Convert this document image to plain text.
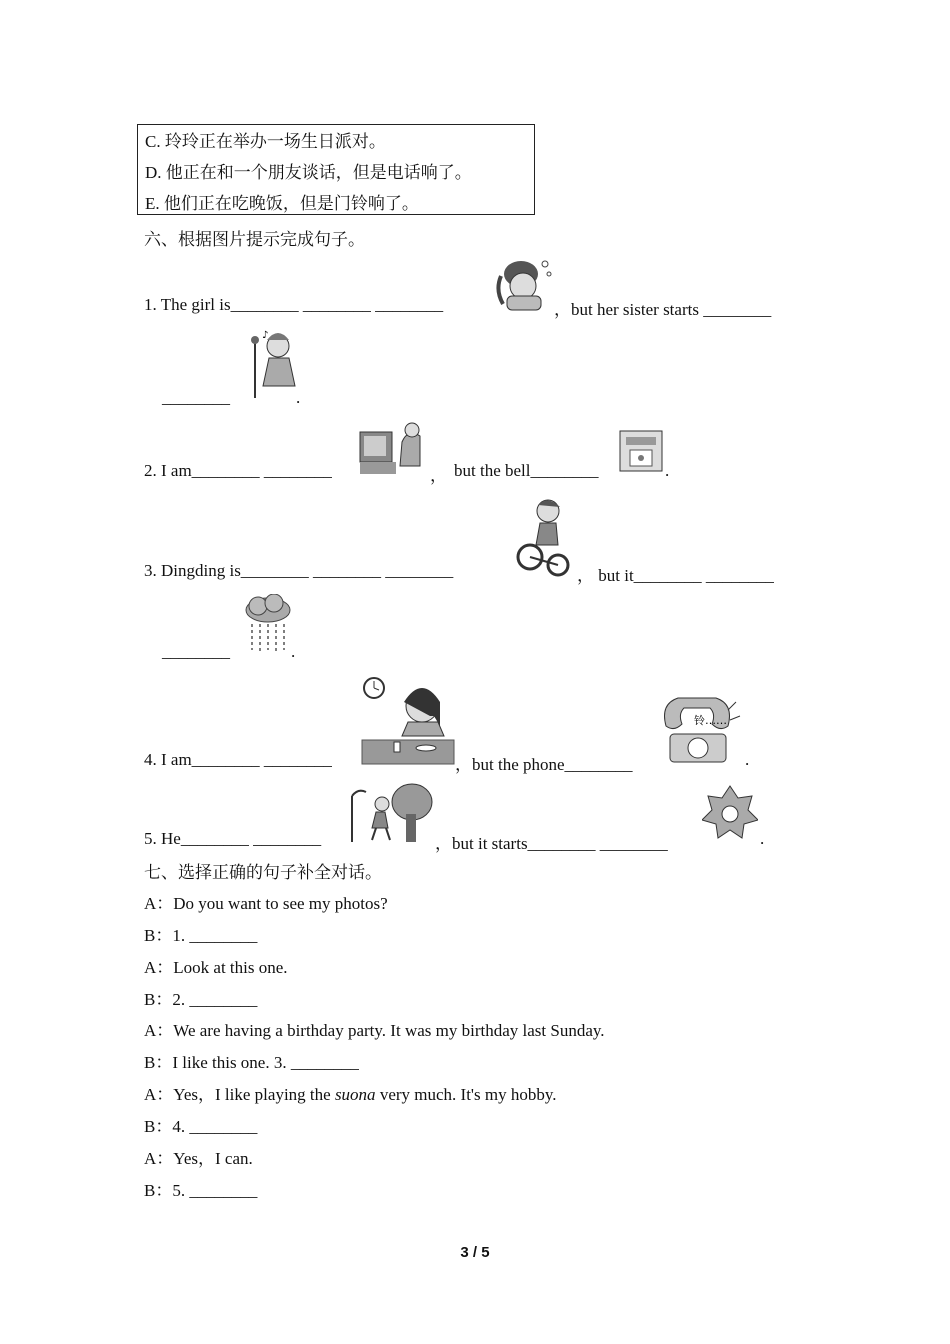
C. 玲玲正在举办一场生日派对。
D. 他正在和一个朋友谈话，但是电话响了。
E. 他们正在吃晚饭，但是门铃响了。
六、根据图片提示完成句子。
1. The girl is________ ________ ________	，but her sister starts ________
________
♪
.
2. I am________ ________	， but the bell________	.
3. Dingding is________ ________ ________	， but it________ ________
________	.
4. I am________ ________	，but the phone________
铃……
.
5. He________ ________	，but it starts________ ________	.
七、选择正确的句子补全对话。
A：Do you want to see my photos?
B：1. ________
A：Look at this one.
B：2. ________
A：We are having a birthday party. It was my birthday last Sunday.
B：I like this one. 3. ________
A：Yes，I like playing the suona very much. It's my hobby.
B：4. ________
A：Yes，I can.
B：5. ________
3 / 5
